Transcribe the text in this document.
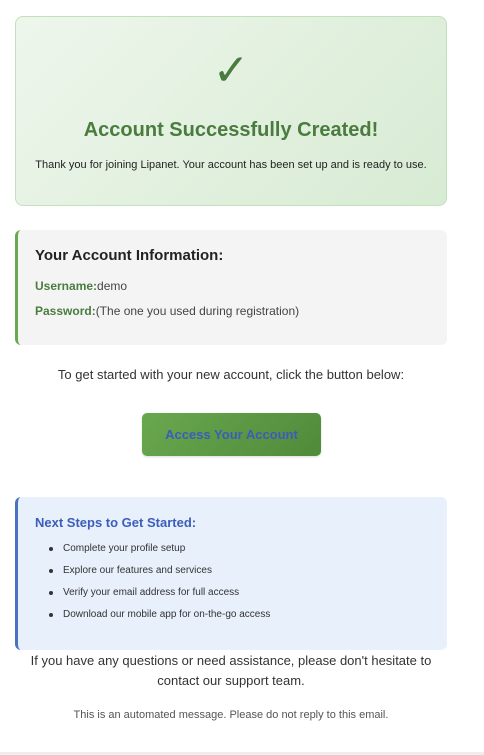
✓
Account Successfully Created!
Thank you for joining Lipanet. Your account has been set up and is ready to use.
Your Account Information:
Username:demo
Password:(The one you used during registration)
To get started with your new account, click the button below:
Access Your Account
Next Steps to Get Started:
Complete your profile setup
Explore our features and services
Verify your email address for full access
Download our mobile app for on-the-go access
If you have any questions or need assistance, please don't hesitate to contact our support team.
This is an automated message. Please do not reply to this email.
